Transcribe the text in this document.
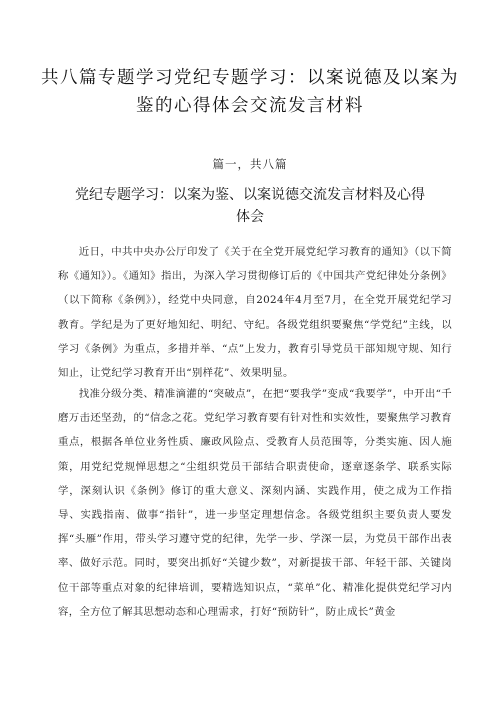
共八篇专题学习党纪专题学习：以案说德及以案为
鉴的心得体会交流发言材料
篇一，共八篇
党纪专题学习：以案为鉴、以案说德交流发言材料及心得
体会

近日，中共中央办公厅印发了《关于在全党开展党纪学习教育的通知》（以下简称《通知》）。《通知》指出，为深入学习贯彻修订后的《中国共产党纪律处分条例》（以下简称《条例》），经党中央同意，自2024年4月至7月，在全党开展党纪学习教育。学纪是为了更好地知纪、明纪、守纪。各级党组织要聚焦“学党纪”主线，以学习《条例》为重点，多措并举、“点”上发力，教育引导党员干部知规守规、知行知止，让党纪学习教育开出“别样花”、效果明显。

找准分级分类、精准滴灌的“突破点”，在把“要我学”变成“我要学”，中开出“千磨万击还坚劲，的“信念之花。党纪学习教育要有针对性和实效性，要聚焦学习教育重点，根据各单位业务性质、廉政风险点、受教育人员范围等，分类实施、因人施策，用党纪党规惮思想之“尘组织党员干部结合职责使命，逐章逐条学、联系实际学，深刻认识《条例》修订的重大意义、深刻内涵、实践作用，使之成为工作指导、实践指南、做事“指针”，进一步坚定理想信念。各级党组织主要负责人要发挥“头雁”作用，带头学习遵守党的纪律，先学一步、学深一层，为党员干部作出表率、做好示范。同时，要突出抓好“关键少数”，对新提拔干部、年轻干部、关键岗位干部等重点对象的纪律培训，要精选知识点，“菜单”化、精准化提供党纪学习内容，全方位了解其思想动态和心理需求，打好“预防针”，防止成长”黄金
